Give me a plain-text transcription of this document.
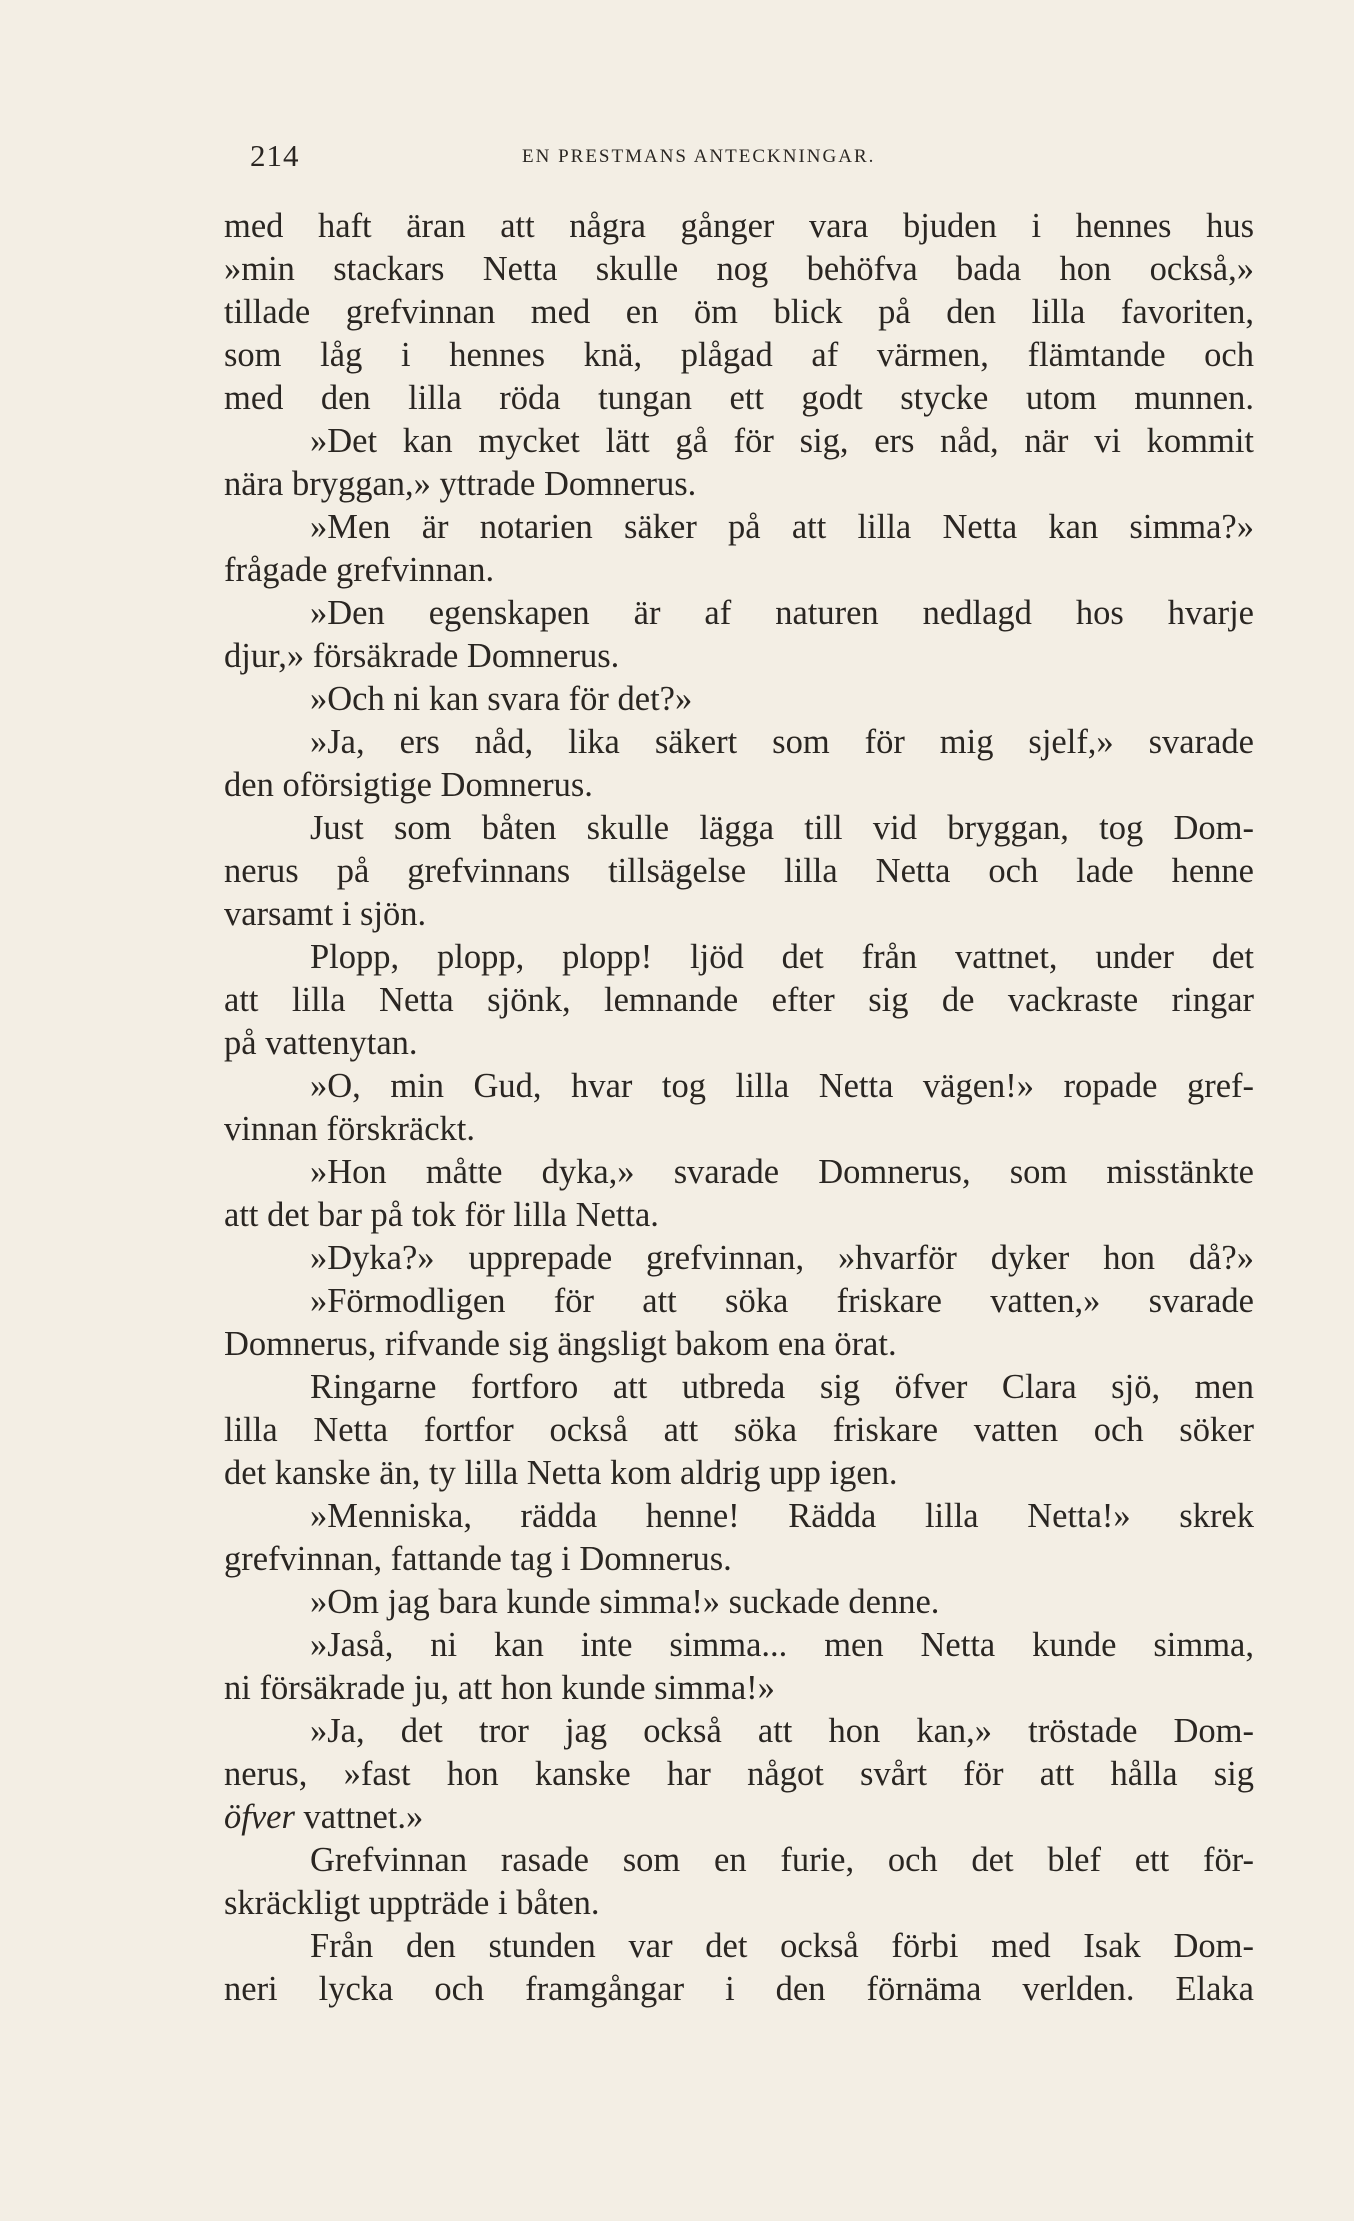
214	EN PRESTMANS ANTECKNINGAR.
med haft äran att några gånger vara bjuden i hennes hus
»min stackars Netta skulle nog behöfva bada hon också,»
tillade grefvinnan med en öm blick på den lilla favoriten,
som låg i hennes knä, plågad af värmen, flämtande och
med den lilla röda tungan ett godt stycke utom munnen.
»Det kan mycket lätt gå för sig, ers nåd, när vi kommit
nära bryggan,» yttrade Domnerus.
»Men är notarien säker på att lilla Netta kan simma?»
frågade grefvinnan.
»Den egenskapen är af naturen nedlagd hos hvarje
djur,» försäkrade Domnerus.
»Och ni kan svara för det?»
»Ja, ers nåd, lika säkert som för mig sjelf,» svarade
den oförsigtige Domnerus.
Just som båten skulle lägga till vid bryggan, tog Dom-
nerus på grefvinnans tillsägelse lilla Netta och lade henne
varsamt i sjön.
Plopp, plopp, plopp! ljöd det från vattnet, under det
att lilla Netta sjönk, lemnande efter sig de vackraste ringar
på vattenytan.
»O, min Gud, hvar tog lilla Netta vägen!» ropade gref-
vinnan förskräckt.
»Hon måtte dyka,» svarade Domnerus, som misstänkte
att det bar på tok för lilla Netta.
»Dyka?» upprepade grefvinnan, »hvarför dyker hon då?»
»Förmodligen för att söka friskare vatten,» svarade
Domnerus, rifvande sig ängsligt bakom ena örat.
Ringarne fortforo att utbreda sig öfver Clara sjö, men
lilla Netta fortfor också att söka friskare vatten och söker
det kanske än, ty lilla Netta kom aldrig upp igen.
»Menniska, rädda henne! Rädda lilla Netta!» skrek
grefvinnan, fattande tag i Domnerus.
»Om jag bara kunde simma!» suckade denne.
»Jaså, ni kan inte simma... men Netta kunde simma,
ni försäkrade ju, att hon kunde simma!»
»Ja, det tror jag också att hon kan,» tröstade Dom-
nerus, »fast hon kanske har något svårt för att hålla sig
öfver vattnet.»
Grefvinnan rasade som en furie, och det blef ett för-
skräckligt uppträde i båten.
Från den stunden var det också förbi med Isak Dom-
neri lycka och framgångar i den förnäma verlden. Elaka
